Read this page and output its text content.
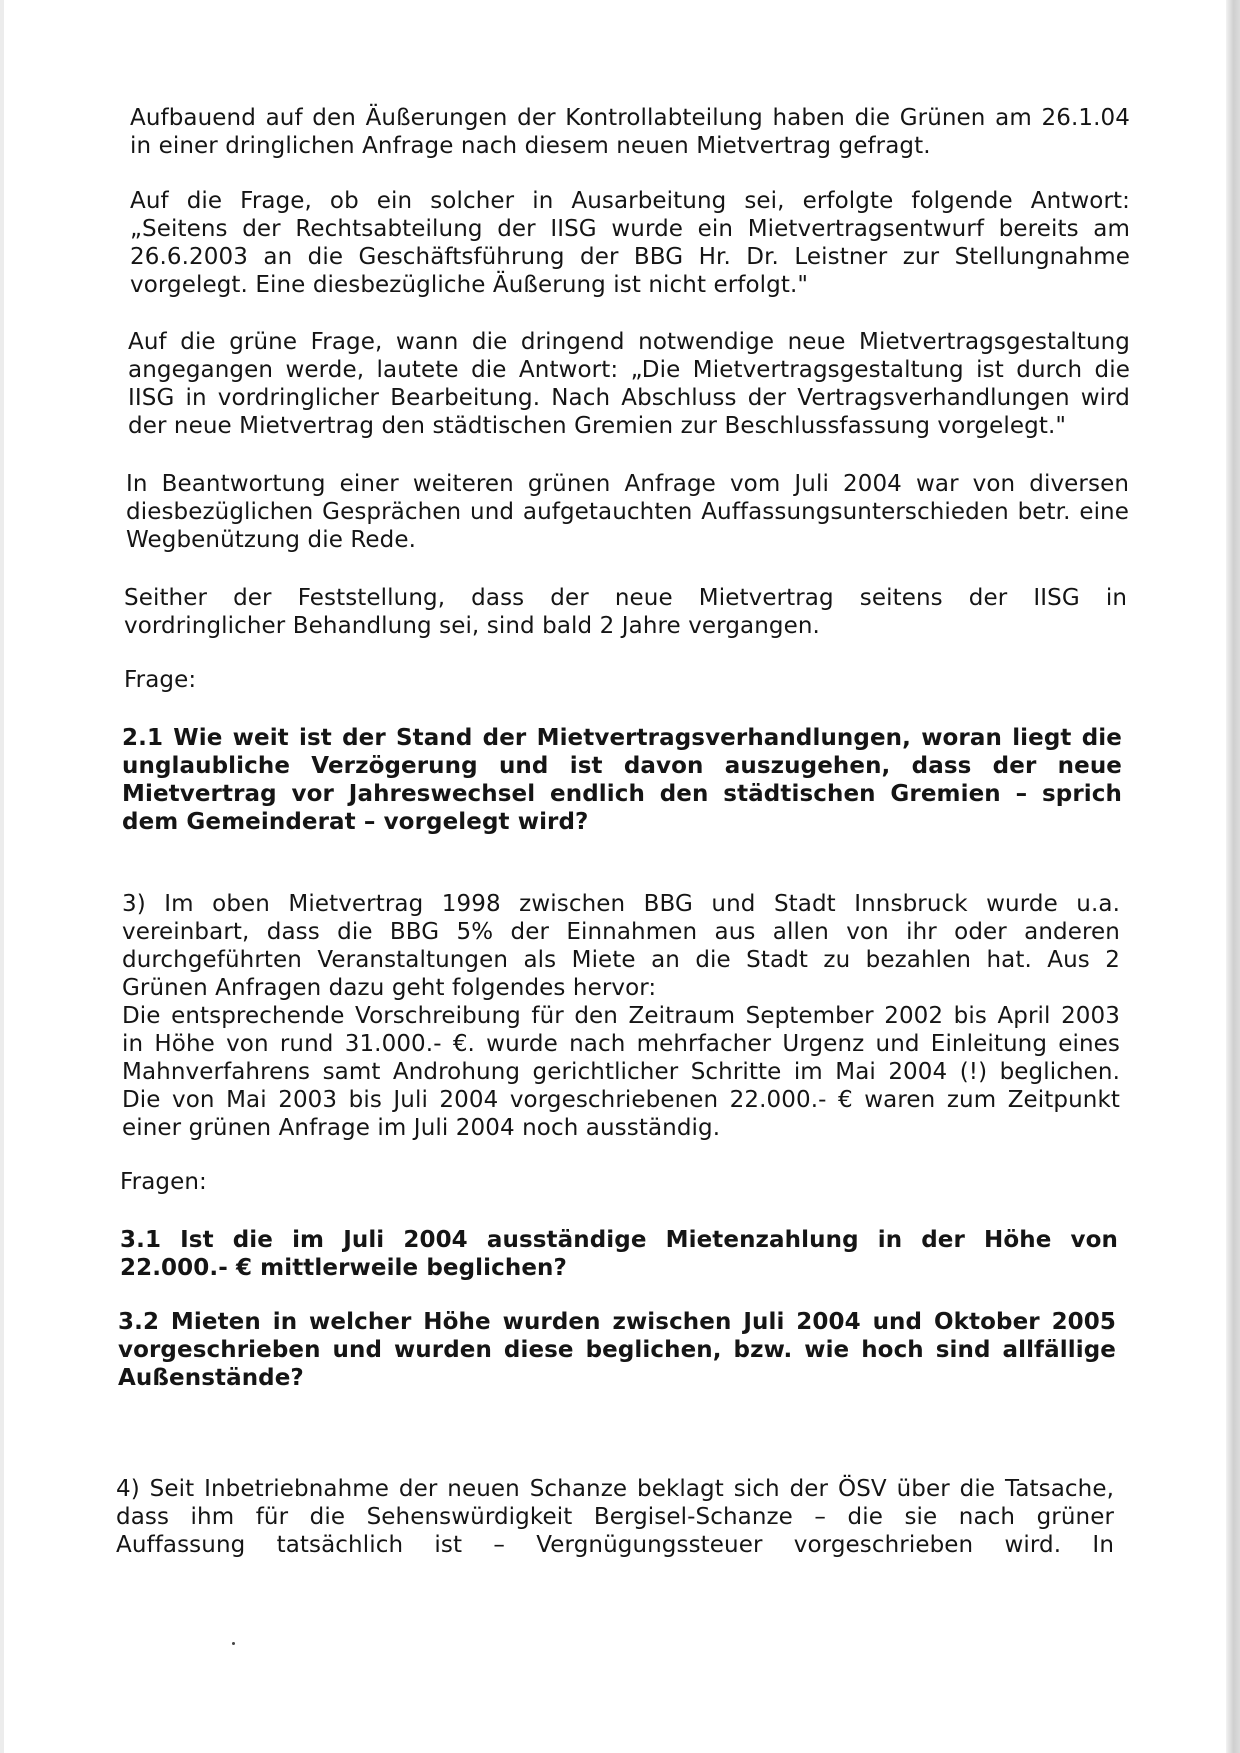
Aufbauend auf den Äußerungen der Kontrollabteilung haben die Grünen am 26.1.04
in einer dringlichen Anfrage nach diesem neuen Mietvertrag gefragt.

Auf die Frage, ob ein solcher in Ausarbeitung sei, erfolgte folgende Antwort:
„Seitens der Rechtsabteilung der IISG wurde ein Mietvertragsentwurf bereits am
26.6.2003 an die Geschäftsführung der BBG Hr. Dr. Leistner zur Stellungnahme
vorgelegt. Eine diesbezügliche Äußerung ist nicht erfolgt."

Auf die grüne Frage, wann die dringend notwendige neue Mietvertragsgestaltung
angegangen werde, lautete die Antwort: „Die Mietvertragsgestaltung ist durch die
IISG in vordringlicher Bearbeitung. Nach Abschluss der Vertragsverhandlungen wird
der neue Mietvertrag den städtischen Gremien zur Beschlussfassung vorgelegt."

In Beantwortung einer weiteren grünen Anfrage vom Juli 2004 war von diversen
diesbezüglichen Gesprächen und aufgetauchten Auffassungsunterschieden betr. eine
Wegbenützung die Rede.

Seither der Feststellung, dass der neue Mietvertrag seitens der IISG in
vordringlicher Behandlung sei, sind bald 2 Jahre vergangen.

Frage:

2.1 Wie weit ist der Stand der Mietvertragsverhandlungen, woran liegt die
unglaubliche Verzögerung und ist davon auszugehen, dass der neue
Mietvertrag vor Jahreswechsel endlich den städtischen Gremien – sprich
dem Gemeinderat – vorgelegt wird?

3) Im oben Mietvertrag 1998 zwischen BBG und Stadt Innsbruck wurde u.a.
vereinbart, dass die BBG 5% der Einnahmen aus allen von ihr oder anderen
durchgeführten Veranstaltungen als Miete an die Stadt zu bezahlen hat. Aus 2
Grünen Anfragen dazu geht folgendes hervor:
Die entsprechende Vorschreibung für den Zeitraum September 2002 bis April 2003
in Höhe von rund 31.000.- €. wurde nach mehrfacher Urgenz und Einleitung eines
Mahnverfahrens samt Androhung gerichtlicher Schritte im Mai 2004 (!) beglichen.
Die von Mai 2003 bis Juli 2004 vorgeschriebenen 22.000.- € waren zum Zeitpunkt
einer grünen Anfrage im Juli 2004 noch ausständig.

Fragen:

3.1 Ist die im Juli 2004 ausständige Mietenzahlung in der Höhe von
22.000.- € mittlerweile beglichen?

3.2 Mieten in welcher Höhe wurden zwischen Juli 2004 und Oktober 2005
vorgeschrieben und wurden diese beglichen, bzw. wie hoch sind allfällige
Außenstände?

4) Seit Inbetriebnahme der neuen Schanze beklagt sich der ÖSV über die Tatsache,
dass ihm für die Sehenswürdigkeit Bergisel-Schanze – die sie nach grüner
Auffassung tatsächlich ist – Vergnügungssteuer vorgeschrieben wird. In
